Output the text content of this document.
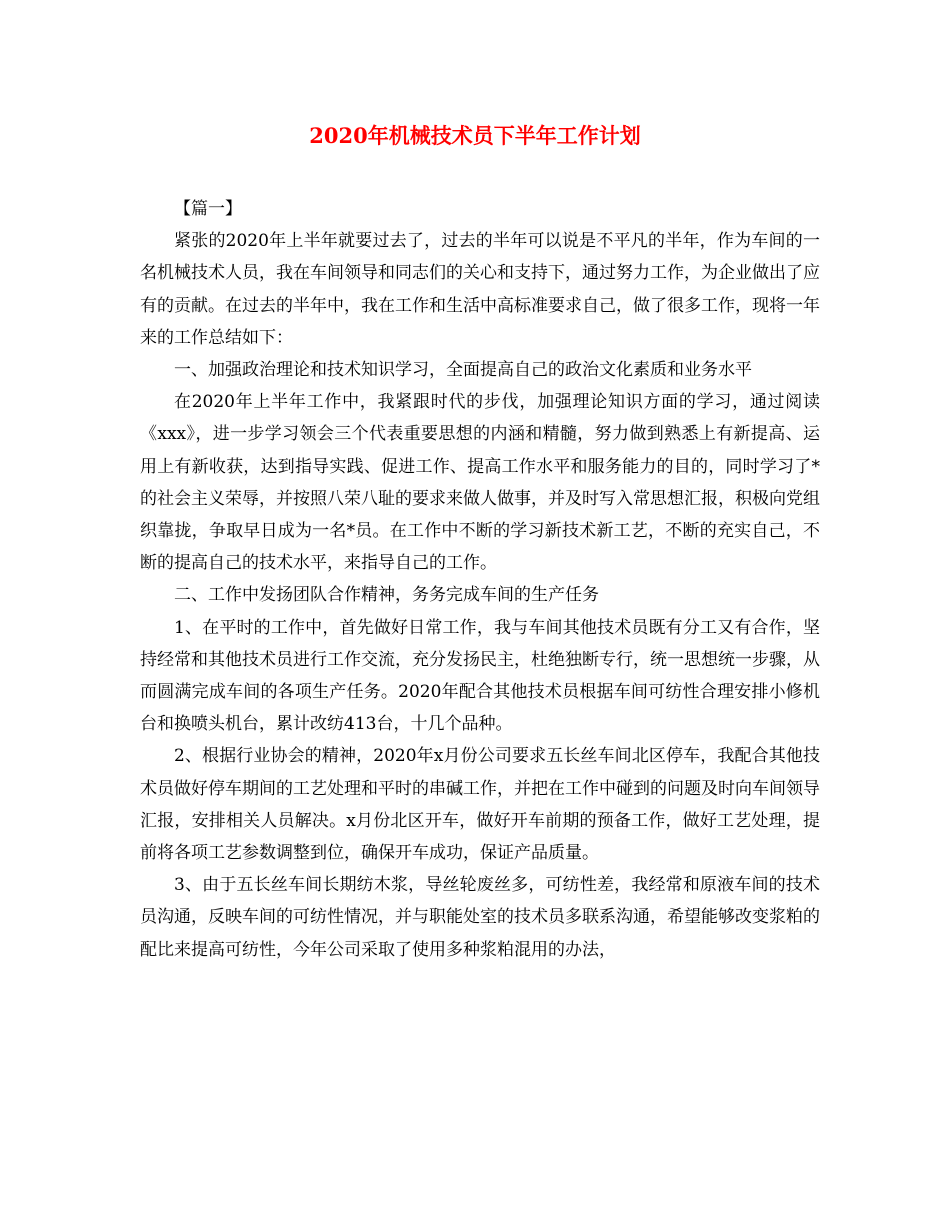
2020年机械技术员下半年工作计划

【篇一】

紧张的2020年上半年就要过去了，过去的半年可以说是不平凡的半年，作为车间的一名机械技术人员，我在车间领导和同志们的关心和支持下，通过努力工作，为企业做出了应有的贡献。在过去的半年中，我在工作和生活中高标准要求自己，做了很多工作，现将一年来的工作总结如下：

一、加强政治理论和技术知识学习，全面提高自己的政治文化素质和业务水平

在2020年上半年工作中，我紧跟时代的步伐，加强理论知识方面的学习，通过阅读《xxx》，进一步学习领会三个代表重要思想的内涵和精髓，努力做到熟悉上有新提高、运用上有新收获，达到指导实践、促进工作、提高工作水平和服务能力的目的，同时学习了*的社会主义荣辱，并按照八荣八耻的要求来做人做事，并及时写入常思想汇报，积极向党组织靠拢，争取早日成为一名*员。在工作中不断的学习新技术新工艺，不断的充实自己，不断的提高自己的技术水平，来指导自己的工作。

二、工作中发扬团队合作精神，务务完成车间的生产任务

1、在平时的工作中，首先做好日常工作，我与车间其他技术员既有分工又有合作，坚持经常和其他技术员进行工作交流，充分发扬民主，杜绝独断专行，统一思想统一步骤，从而圆满完成车间的各项生产任务。2020年配合其他技术员根据车间可纺性合理安排小修机台和换喷头机台，累计改纺413台，十几个品种。

2、根据行业协会的精神，2020年x月份公司要求五长丝车间北区停车，我配合其他技术员做好停车期间的工艺处理和平时的串碱工作，并把在工作中碰到的问题及时向车间领导汇报，安排相关人员解决。x月份北区开车，做好开车前期的预备工作，做好工艺处理，提前将各项工艺参数调整到位，确保开车成功，保证产品质量。

3、由于五长丝车间长期纺木浆，导丝轮废丝多，可纺性差，我经常和原液车间的技术员沟通，反映车间的可纺性情况，并与职能处室的技术员多联系沟通，希望能够改变浆粕的配比来提高可纺性，今年公司采取了使用多种浆粕混用的办法，
